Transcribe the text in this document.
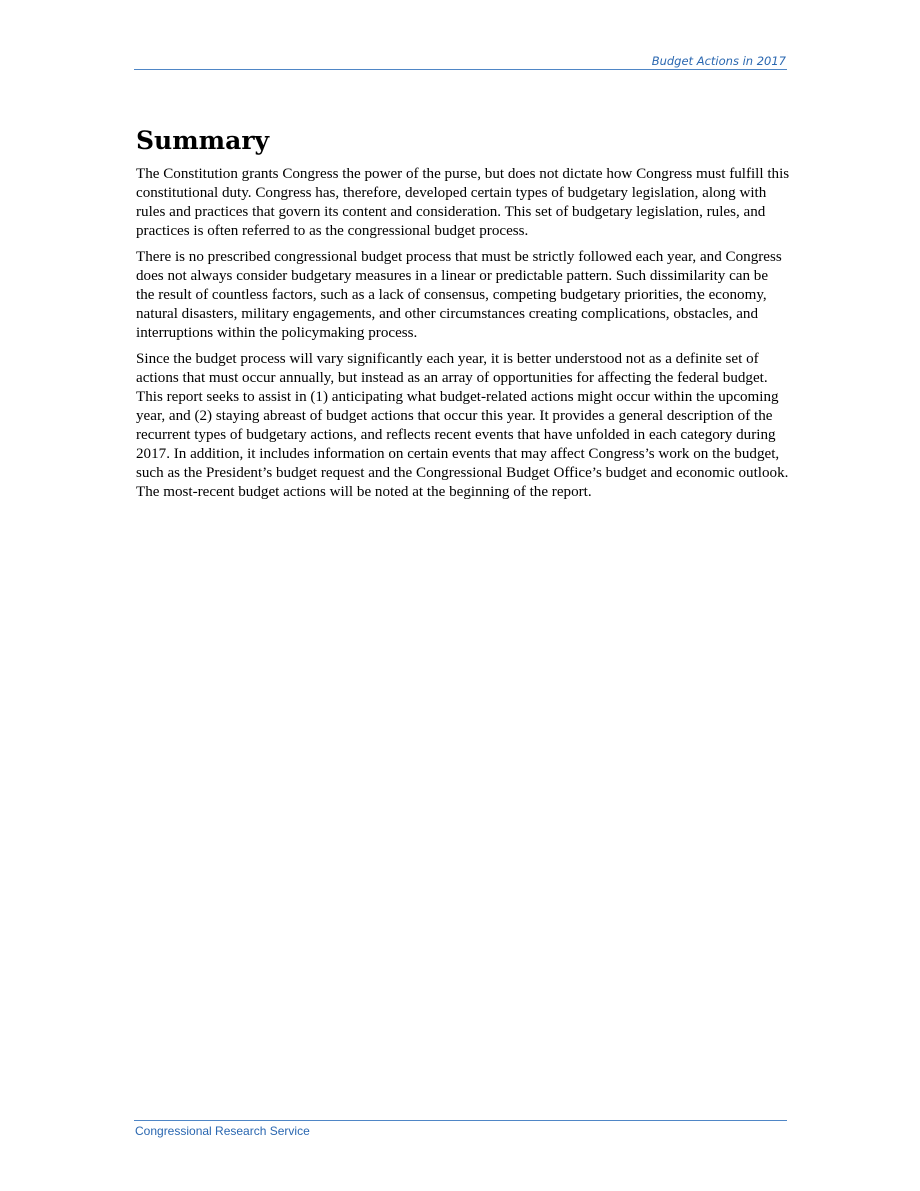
Budget Actions in 2017
Summary

The Constitution grants Congress the power of the purse, but does not dictate how Congress must fulfill this constitutional duty. Congress has, therefore, developed certain types of budgetary legislation, along with rules and practices that govern its content and consideration. This set of budgetary legislation, rules, and practices is often referred to as the congressional budget process.

There is no prescribed congressional budget process that must be strictly followed each year, and Congress does not always consider budgetary measures in a linear or predictable pattern. Such dissimilarity can be the result of countless factors, such as a lack of consensus, competing budgetary priorities, the economy, natural disasters, military engagements, and other circumstances creating complications, obstacles, and interruptions within the policymaking process.

Since the budget process will vary significantly each year, it is better understood not as a definite set of actions that must occur annually, but instead as an array of opportunities for affecting the federal budget. This report seeks to assist in (1) anticipating what budget-related actions might occur within the upcoming year, and (2) staying abreast of budget actions that occur this year. It provides a general description of the recurrent types of budgetary actions, and reflects recent events that have unfolded in each category during 2017. In addition, it includes information on certain events that may affect Congress’s work on the budget, such as the President’s budget request and the Congressional Budget Office’s budget and economic outlook. The most-recent budget actions will be noted at the beginning of the report.

Congressional Research Service
